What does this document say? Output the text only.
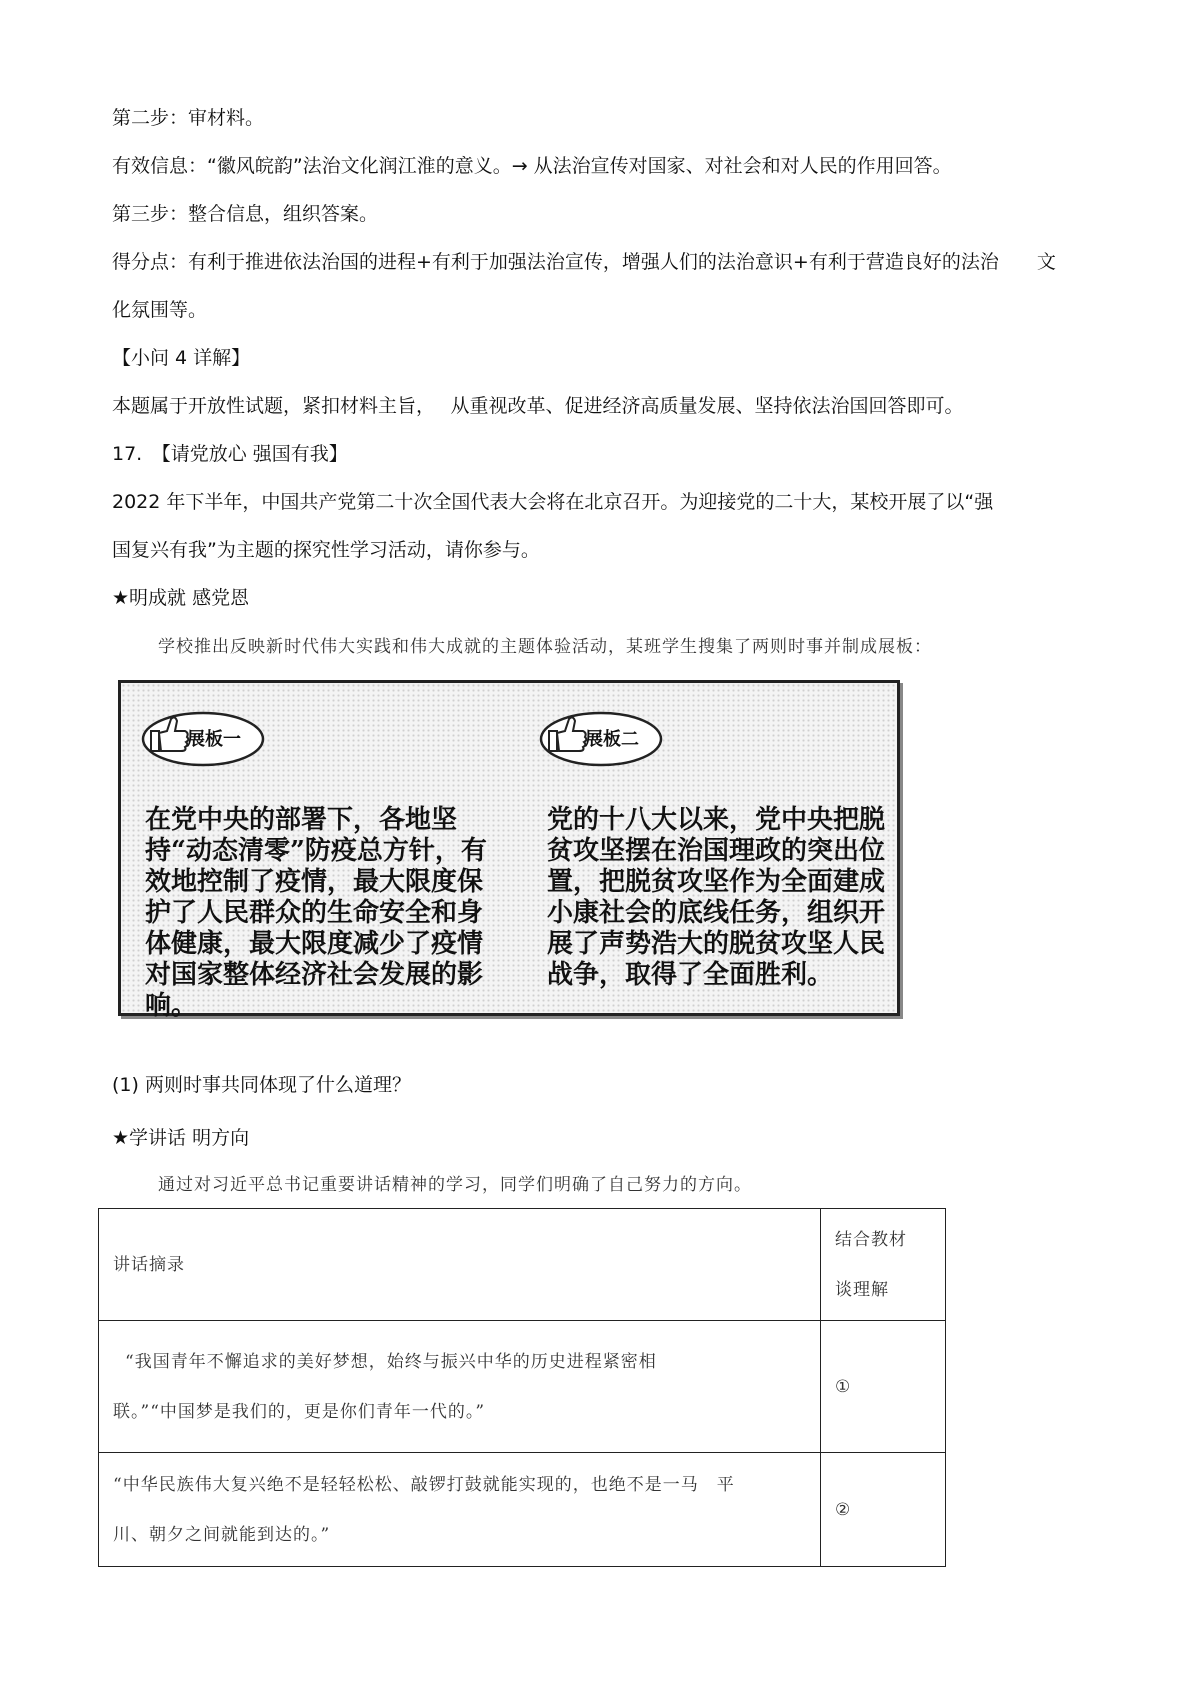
第二步：审材料。
有效信息：“徽风皖韵”法治文化润江淮的意义。→ 从法治宣传对国家、对社会和对人民的作用回答。
第三步：整合信息，组织答案。
得分点：有利于推进依法治国的进程+有利于加强法治宣传，增强人们的法治意识+有利于营造良好的法治　　文
化氛围等。
【小问 4 详解】
本题属于开放性试题，紧扣材料主旨，　 从重视改革、促进经济高质量发展、坚持依法治国回答即可。
17.　【请党放心 强国有我】
2022 年下半年，中国共产党第二十次全国代表大会将在北京召开。为迎接党的二十大，某校开展了以“强
国复兴有我”为主题的探究性学习活动，请你参与。
★明成就 感党恩
学校推出反映新时代伟大实践和伟大成就的主题体验活动，某班学生搜集了两则时事并制成展板：
展板一
在党中央的部署下，各地坚持“动态清零”防疫总方针，有效地控制了疫情，最大限度保护了人民群众的生命安全和身体健康，最大限度减少了疫情对国家整体经济社会发展的影响。
展板二
党的十八大以来，党中央把脱贫攻坚摆在治国理政的突出位置，把脱贫攻坚作为全面建成小康社会的底线任务，组织开展了声势浩大的脱贫攻坚人民战争，取得了全面胜利。
(1) 两则时事共同体现了什么道理？
★学讲话 明方向
通过对习近平总书记重要讲话精神的学习，同学们明确了自己努力的方向。
讲话摘录	结合教材
谈理解

“我国青年不懈追求的美好梦想，始终与振兴中华的历史进程紧密相
联。”“中国梦是我们的，更是你们青年一代的。”	①

“中华民族伟大复兴绝不是轻轻松松、敲锣打鼓就能实现的，也绝不是一马　平
川、朝夕之间就能到达的。”	②
